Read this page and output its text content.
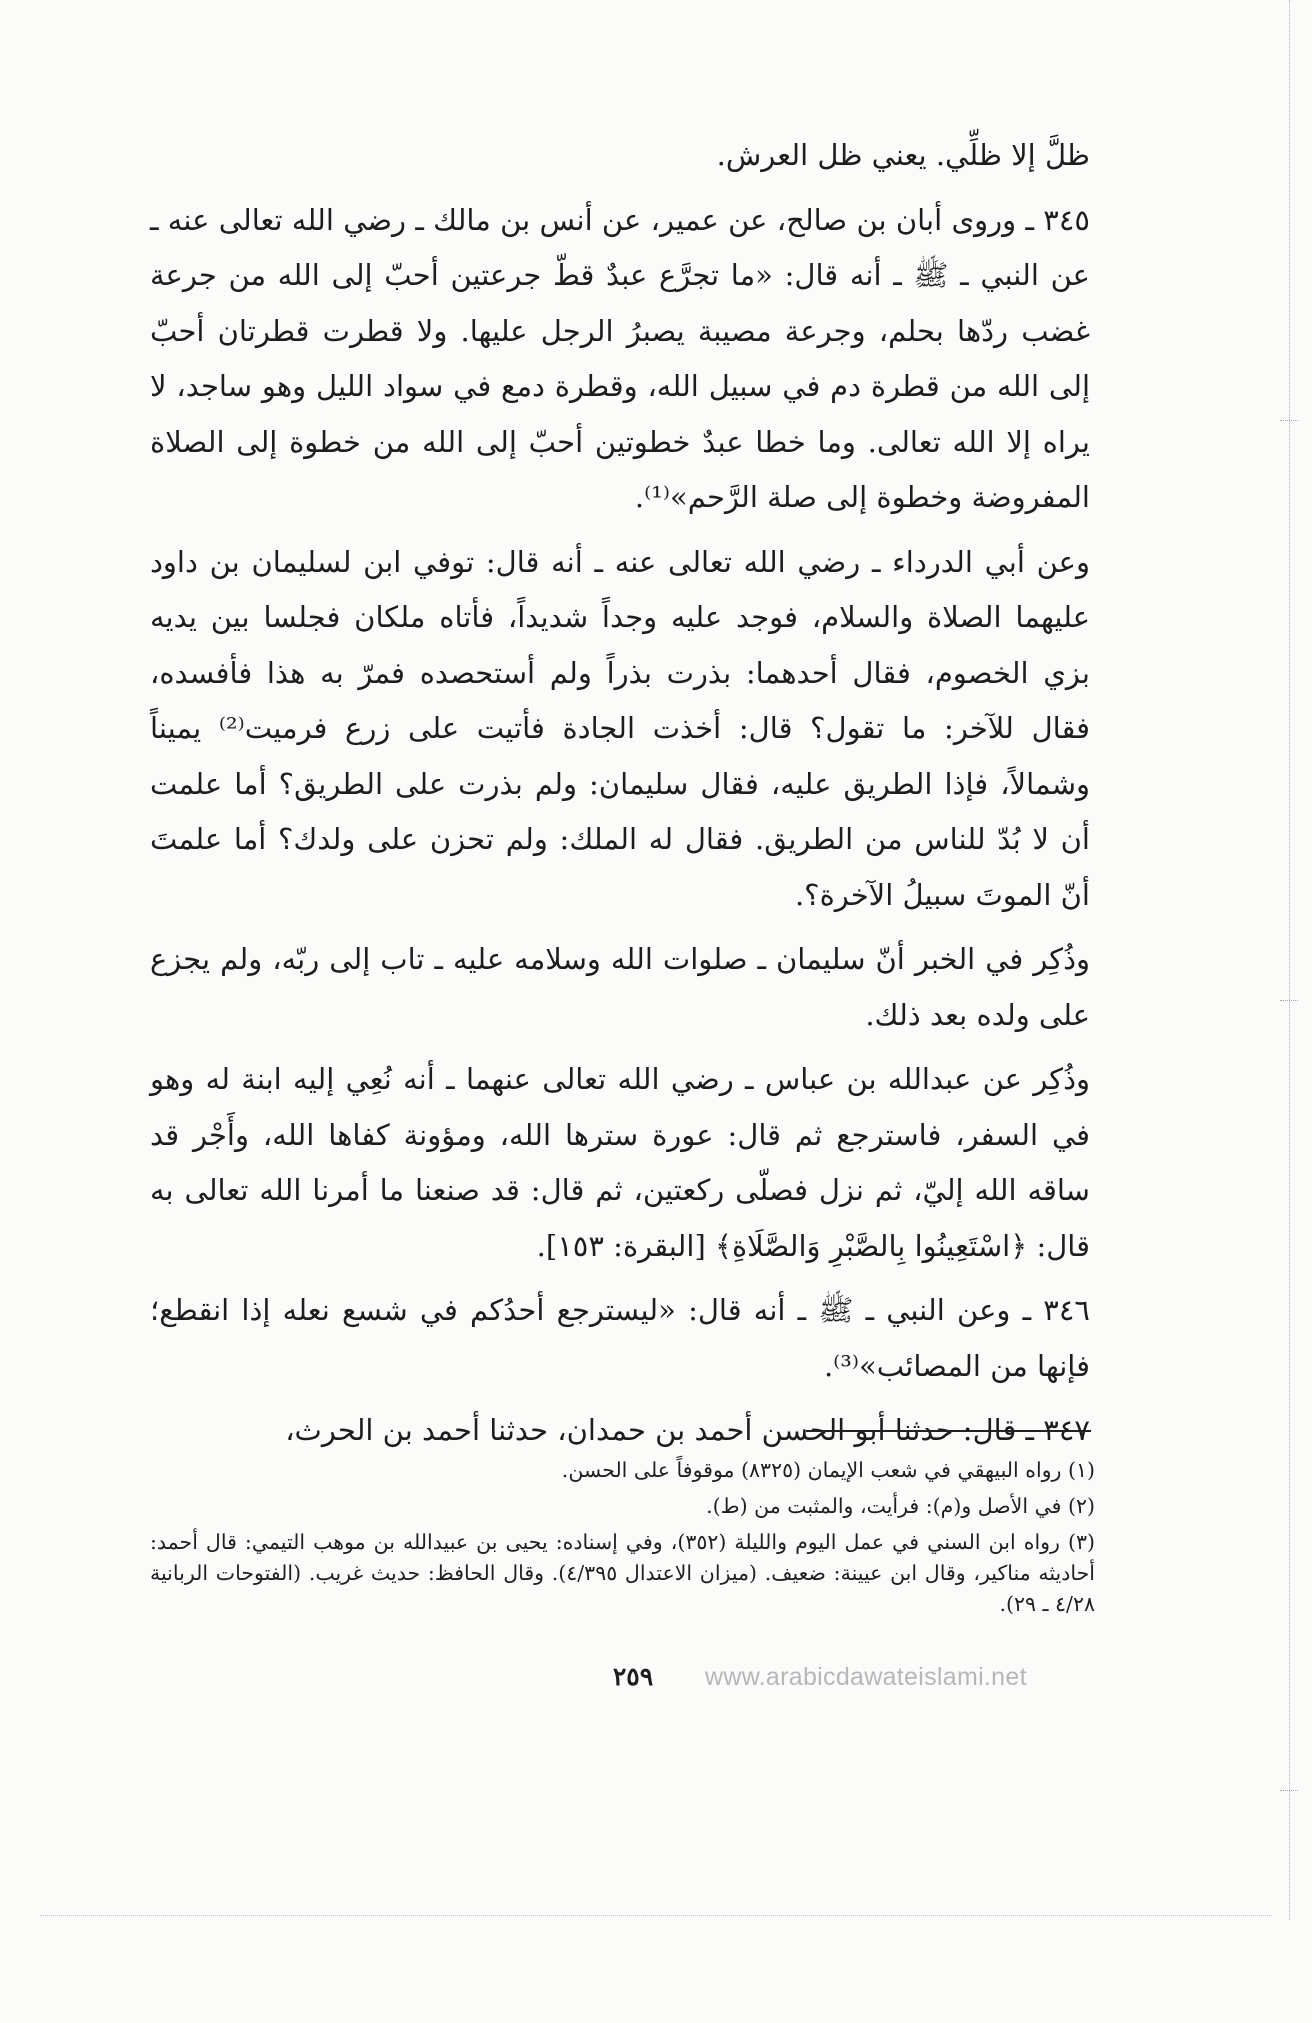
ظلَّ إلا ظلِّي. يعني ظل العرش.

٣٤٥ ـ وروى أبان بن صالح، عن عمير، عن أنس بن مالك ـ رضي الله تعالى عنه ـ عن النبي ـ ﷺ ـ أنه قال: «ما تجرَّع عبدٌ قطّ جرعتين أحبّ إلى الله من جرعة غضب ردّها بحلم، وجرعة مصيبة يصبرُ الرجل عليها. ولا قطرت قطرتان أحبّ إلى الله من قطرة دم في سبيل الله، وقطرة دمع في سواد الليل وهو ساجد، لا يراه إلا الله تعالى. وما خطا عبدٌ خطوتين أحبّ إلى الله من خطوة إلى الصلاة المفروضة وخطوة إلى صلة الرَّحم»⁽¹⁾.

وعن أبي الدرداء ـ رضي الله تعالى عنه ـ أنه قال: توفي ابن لسليمان بن داود عليهما الصلاة والسلام، فوجد عليه وجداً شديداً، فأتاه ملكان فجلسا بين يديه بزي الخصوم، فقال أحدهما: بذرت بذراً ولم أستحصده فمرّ به هذا فأفسده، فقال للآخر: ما تقول؟ قال: أخذت الجادة فأتيت على زرع فرميت⁽²⁾ يميناً وشمالاً، فإذا الطريق عليه، فقال سليمان: ولم بذرت على الطريق؟ أما علمت أن لا بُدّ للناس من الطريق. فقال له الملك: ولم تحزن على ولدك؟ أما علمتَ أنّ الموتَ سبيلُ الآخرة؟.

وذُكِر في الخبر أنّ سليمان ـ صلوات الله وسلامه عليه ـ تاب إلى ربّه، ولم يجزع على ولده بعد ذلك.

وذُكِر عن عبدالله بن عباس ـ رضي الله تعالى عنهما ـ أنه نُعِي إليه ابنة له وهو في السفر، فاسترجع ثم قال: عورة سترها الله، ومؤونة كفاها الله، وأَجْر قد ساقه الله إليّ، ثم نزل فصلّى ركعتين، ثم قال: قد صنعنا ما أمرنا الله تعالى به قال: ﴿اسْتَعِينُوا بِالصَّبْرِ وَالصَّلَاةِ﴾ [البقرة: ١٥٣].

٣٤٦ ـ وعن النبي ـ ﷺ ـ أنه قال: «ليسترجع أحدُكم في شسع نعله إذا انقطع؛ فإنها من المصائب»⁽³⁾.

٣٤٧ ـ قال: حدثنا أبو الحسن أحمد بن حمدان، حدثنا أحمد بن الحرث،

(١) رواه البيهقي في شعب الإيمان (٨٣٢٥) موقوفاً على الحسن.

(٢) في الأصل و(م): فرأيت، والمثبت من (ط).

(٣) رواه ابن السني في عمل اليوم والليلة (٣٥٢)، وفي إسناده: يحيى بن عبيدالله بن موهب التيمي: قال أحمد: أحاديثه مناكير، وقال ابن عيينة: ضعيف. (ميزان الاعتدال ٤/٣٩٥). وقال الحافظ: حديث غريب. (الفتوحات الربانية ٤/٢٨ ـ ٢٩).

٢٥٩	www.arabicdawateislami.net
